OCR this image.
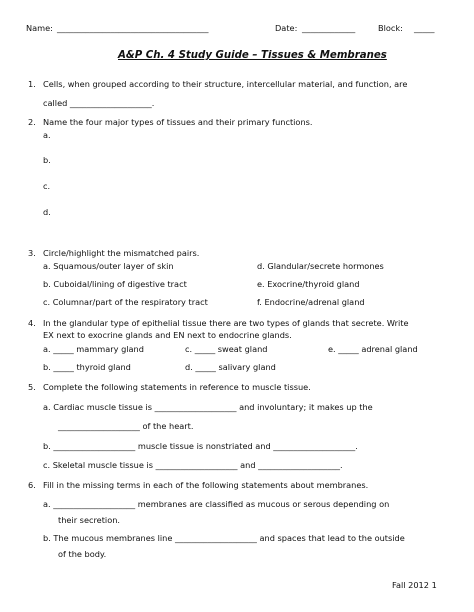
Name: _____________________________________	Date: _____________	Block: _____
A&P Ch. 4 Study Guide – Tissues & Membranes
1. Cells, when grouped according to their structure, intercellular material, and function, are
called ____________________.
2. Name the four major types of tissues and their primary functions.
a.
b.
c.
d.
3. Circle/highlight the mismatched pairs.
a. Squamous/outer layer of skin
b. Cuboidal/lining of digestive tract
c. Columnar/part of the respiratory tract
d. Glandular/secrete hormones
e. Exocrine/thyroid gland
f. Endocrine/adrenal gland
4. In the glandular type of epithelial tissue there are two types of glands that secrete. Write
EX next to exocrine glands and EN next to endocrine glands.
a. _____ mammary gland	c. _____ sweat gland	e. _____ adrenal gland
b. _____ thyroid gland	d. _____ salivary gland
5. Complete the following statements in reference to muscle tissue.
a. Cardiac muscle tissue is ____________________ and involuntary; it makes up the
____________________ of the heart.
b. ____________________ muscle tissue is nonstriated and ____________________.
c. Skeletal muscle tissue is ____________________ and ____________________.
6. Fill in the missing terms in each of the following statements about membranes.
a. ____________________ membranes are classified as mucous or serous depending on
their secretion.
b. The mucous membranes line ____________________ and spaces that lead to the outside
of the body.
Fall 2012 1
